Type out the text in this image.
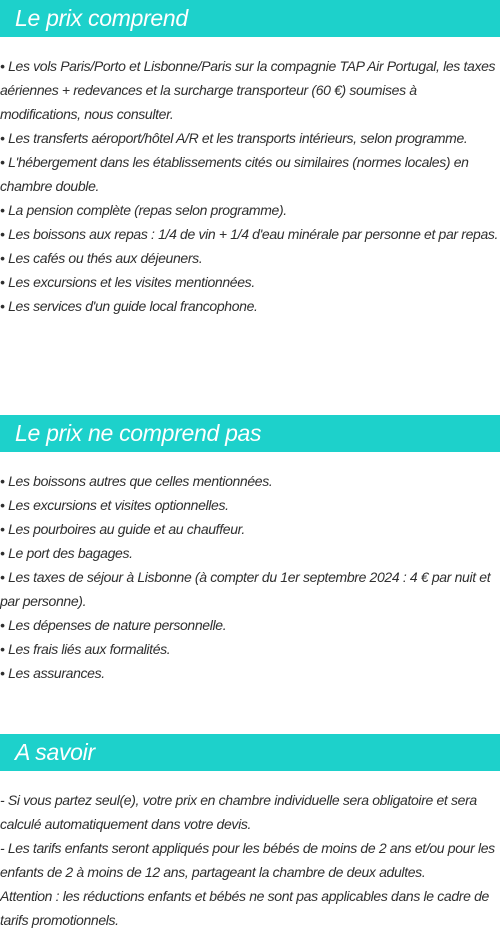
Le prix comprend
• Les vols Paris/Porto et Lisbonne/Paris sur la compagnie TAP Air Portugal, les taxes aériennes + redevances et la surcharge transporteur (60 €) soumises à modifications, nous consulter.
• Les transferts aéroport/hôtel A/R et les transports intérieurs, selon programme.
• L'hébergement dans les établissements cités ou similaires (normes locales) en chambre double.
• La pension complète (repas selon programme).
• Les boissons aux repas : 1/4 de vin + 1/4 d'eau minérale par personne et par repas.
• Les cafés ou thés aux déjeuners.
• Les excursions et les visites mentionnées.
• Les services d'un guide local francophone.
Le prix ne comprend pas
• Les boissons autres que celles mentionnées.
• Les excursions et visites optionnelles.
• Les pourboires au guide et au chauffeur.
• Le port des bagages.
• Les taxes de séjour à Lisbonne (à compter du 1er septembre 2024 : 4 € par nuit et par personne).
• Les dépenses de nature personnelle.
• Les frais liés aux formalités.
• Les assurances.
A savoir
- Si vous partez seul(e), votre prix en chambre individuelle sera obligatoire et sera calculé automatiquement dans votre devis.
- Les tarifs enfants seront appliqués pour les bébés de moins de 2 ans et/ou pour les enfants de 2 à moins de 12 ans, partageant la chambre de deux adultes.
Attention : les réductions enfants et bébés ne sont pas applicables dans le cadre de tarifs promotionnels.
